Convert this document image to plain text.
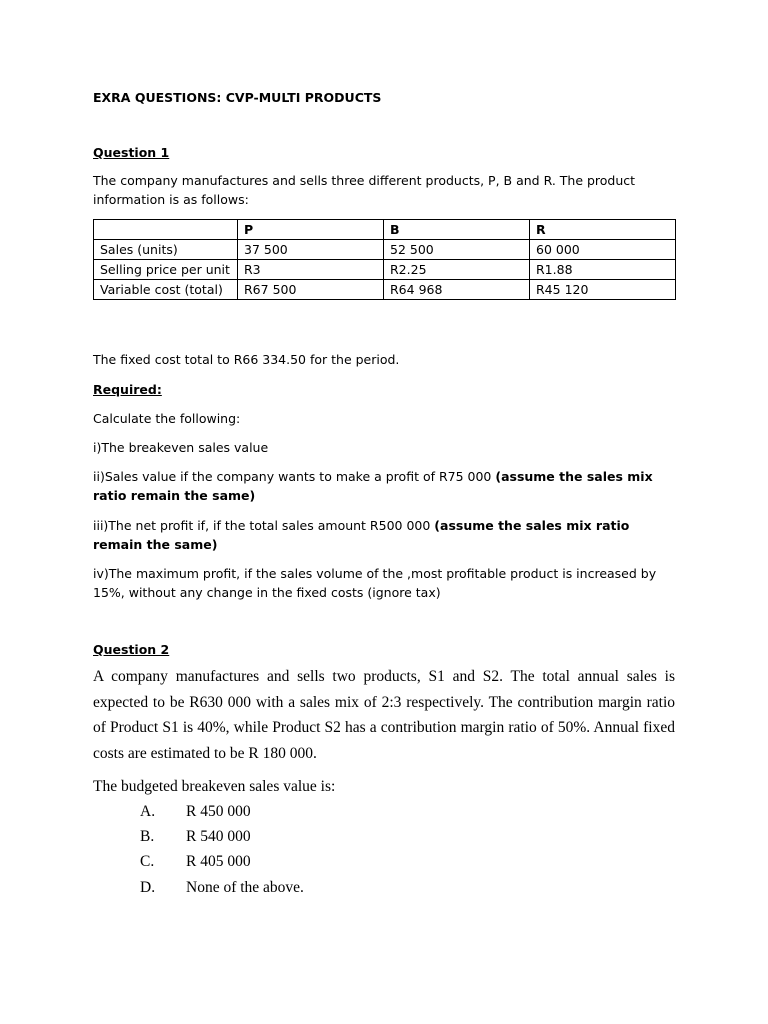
EXRA QUESTIONS: CVP-MULTI PRODUCTS
Question 1

The company manufactures and sells three different products, P, B and R. The product information is as follows:

	P	B	R
Sales (units)	37 500	52 500	60 000
Selling price per unit	R3	R2.25	R1.88
Variable cost (total)	R67 500	R64 968	R45 120

The fixed cost total to R66 334.50 for the period.

Required:

Calculate the following:

i)The breakeven sales value

ii)Sales value if the company wants to make a profit of R75 000 (assume the sales mix ratio remain the same)

iii)The net profit if, if the total sales amount R500 000 (assume the sales mix ratio remain the same)

iv)The maximum profit, if the sales volume of the ,most profitable product is increased by 15%, without any change in the fixed costs (ignore tax)

Question 2

A company manufactures and sells two products, S1 and S2. The total annual sales is expected to be R630 000 with a sales mix of 2:3 respectively. The contribution margin ratio of Product S1 is 40%, while Product S2 has a contribution margin ratio of 50%. Annual fixed costs are estimated to be R 180 000.

The budgeted breakeven sales value is:

A. R 450 000
B. R 540 000
C. R 405 000
D. None of the above.
